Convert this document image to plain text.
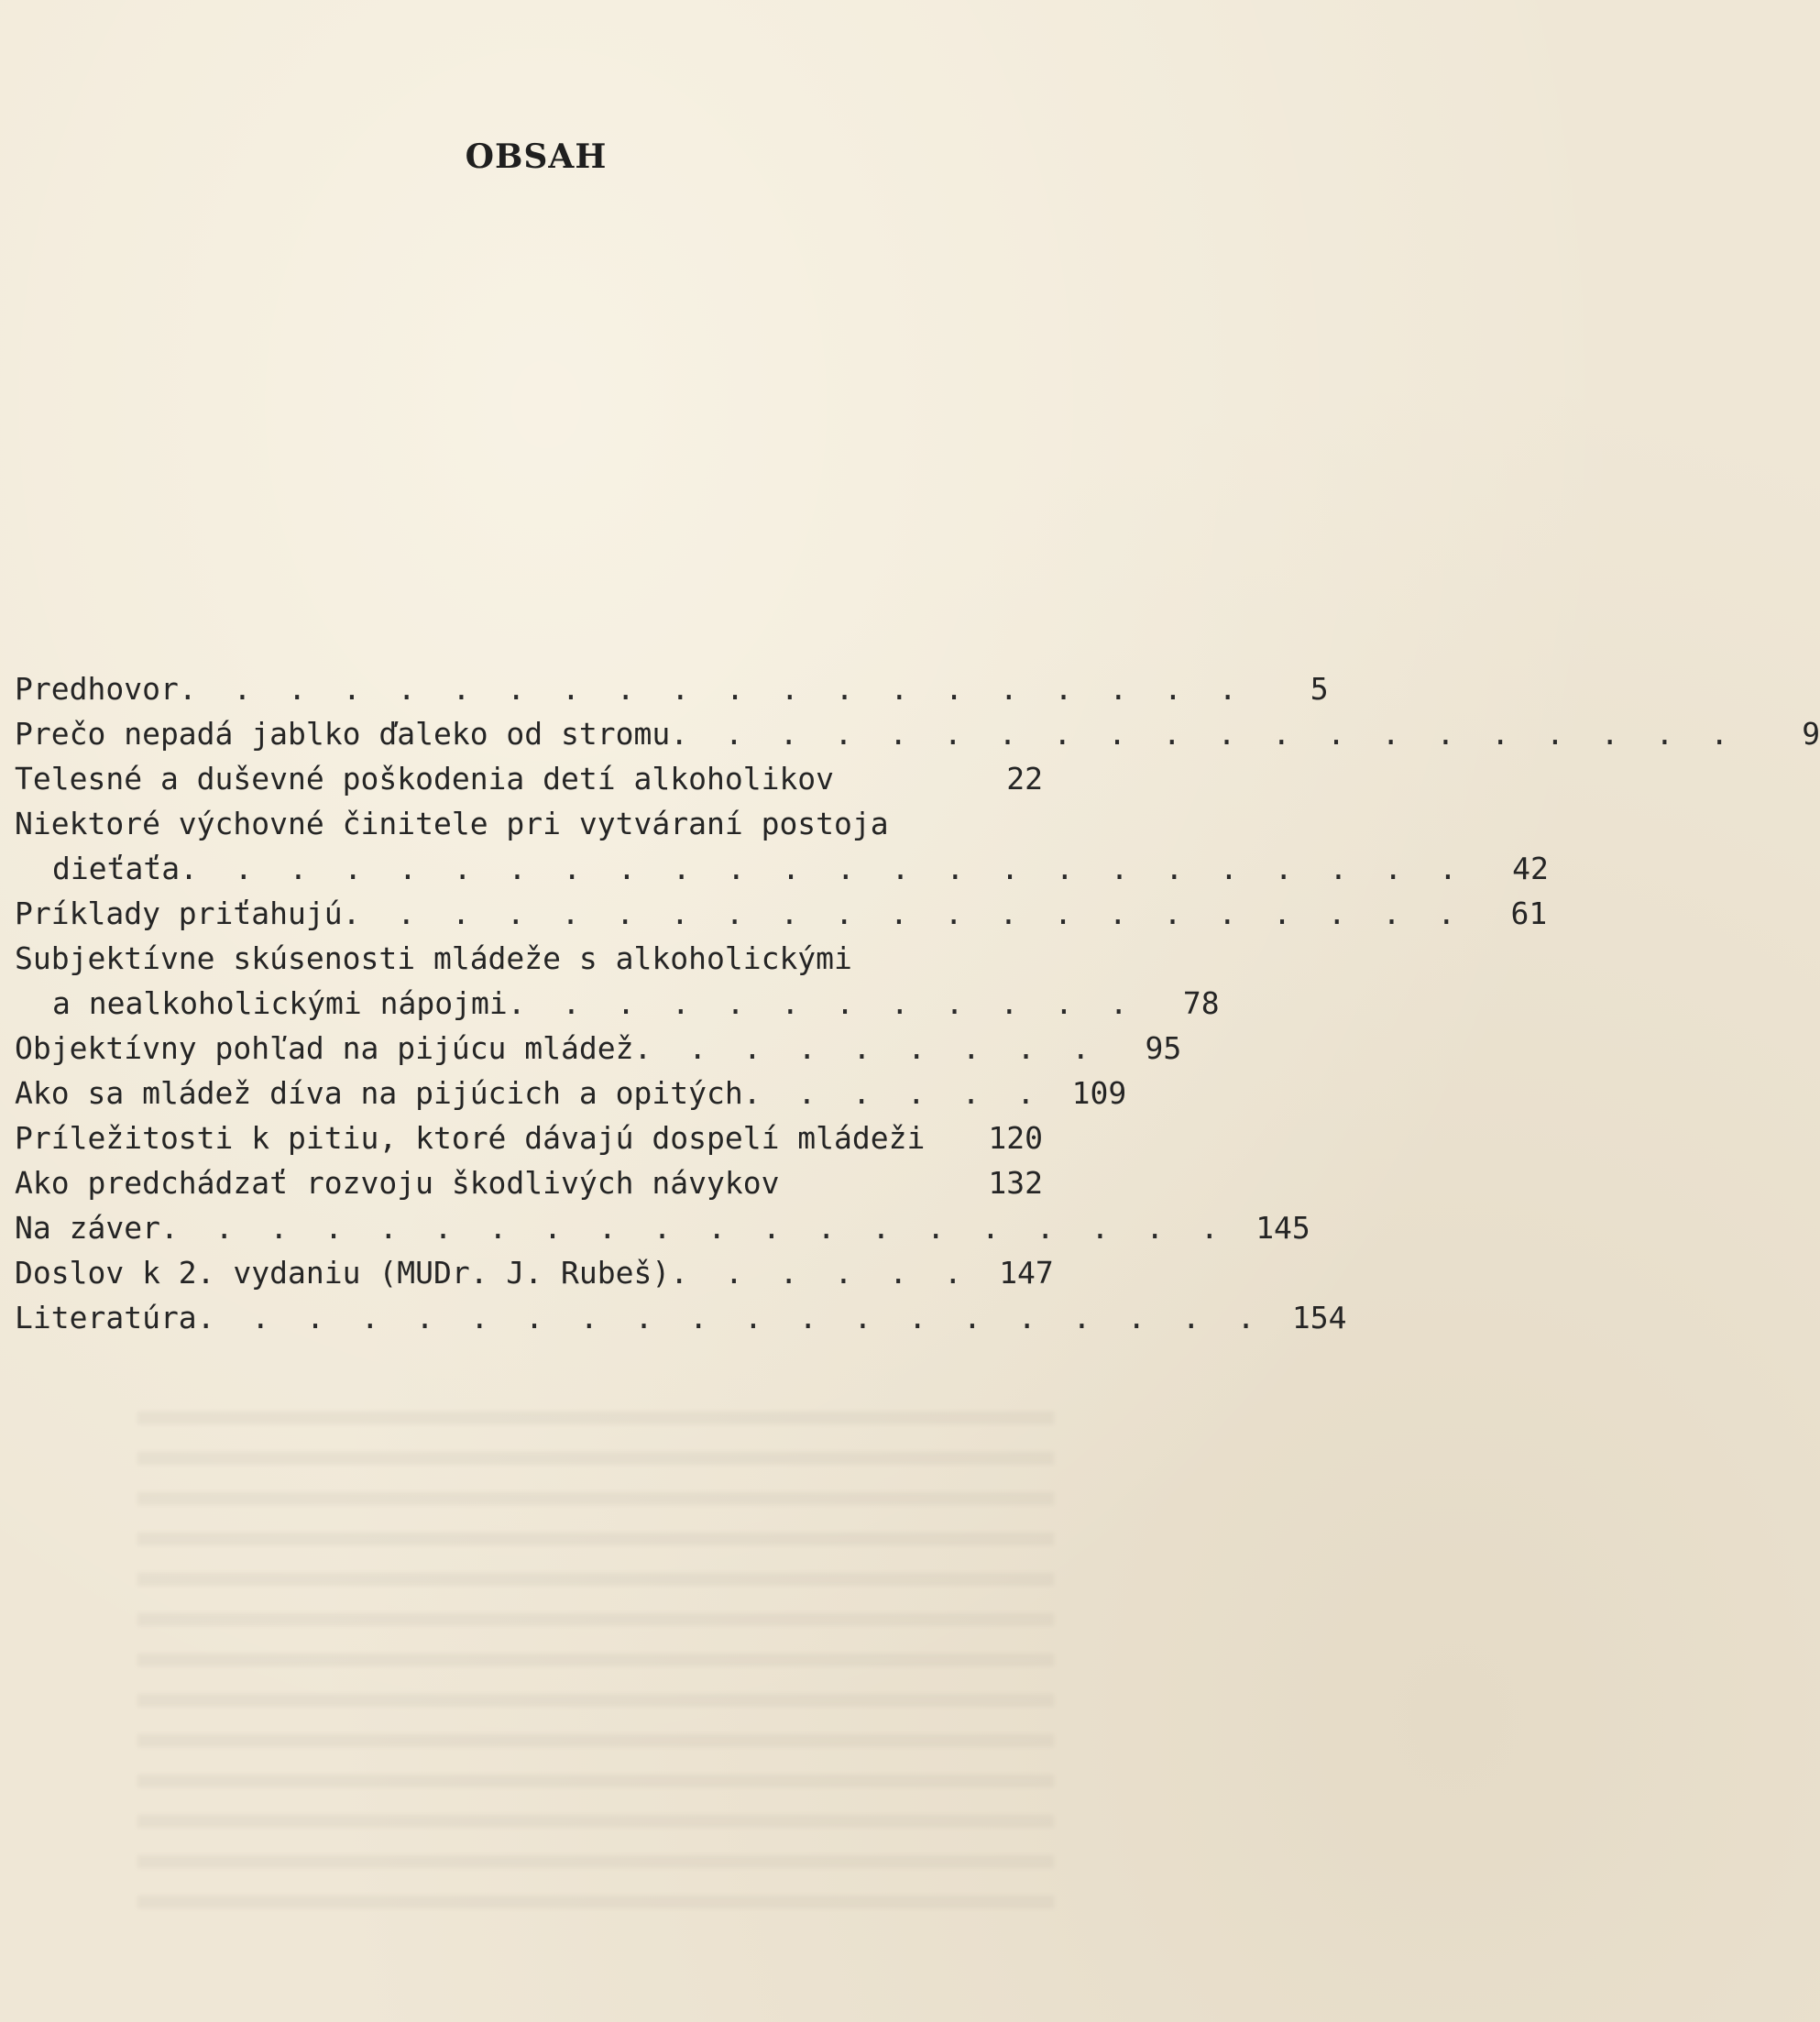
OBSAH
Predhovor . . . . . . . . . . . . . . . . . . . .	5
Prečo nepadá jablko ďaleko od stromu . . . . . . . . . . . . . . . . . . . .	9
Telesné a duševné poškodenia detí alkoholikov	22
Niektoré výchovné činitele pri vytváraní postoja
dieťaťa . . . . . . . . . . . . . . . . . . . . . . . .	42
Príklady priťahujú . . . . . . . . . . . . . . . . . . . . .	61
Subjektívne skúsenosti mládeže s alkoholickými
a nealkoholickými nápojmi . . . . . . . . . . . .	78
Objektívny pohľad na pijúcu mládež . . . . . . . . .	95
Ako sa mládež díva na pijúcich a opitých . . . . . . 109
Príležitosti k pitiu, ktoré dávajú dospelí mládeži 120
Ako predchádzať rozvoju škodlivých návykov	132
Na záver . . . . . . . . . . . . . . . . . . . . 145
Doslov k 2. vydaniu (MUDr. J. Rubeš) . . . . . . 147
Literatúra . . . . . . . . . . . . . . . . . . . . 154
